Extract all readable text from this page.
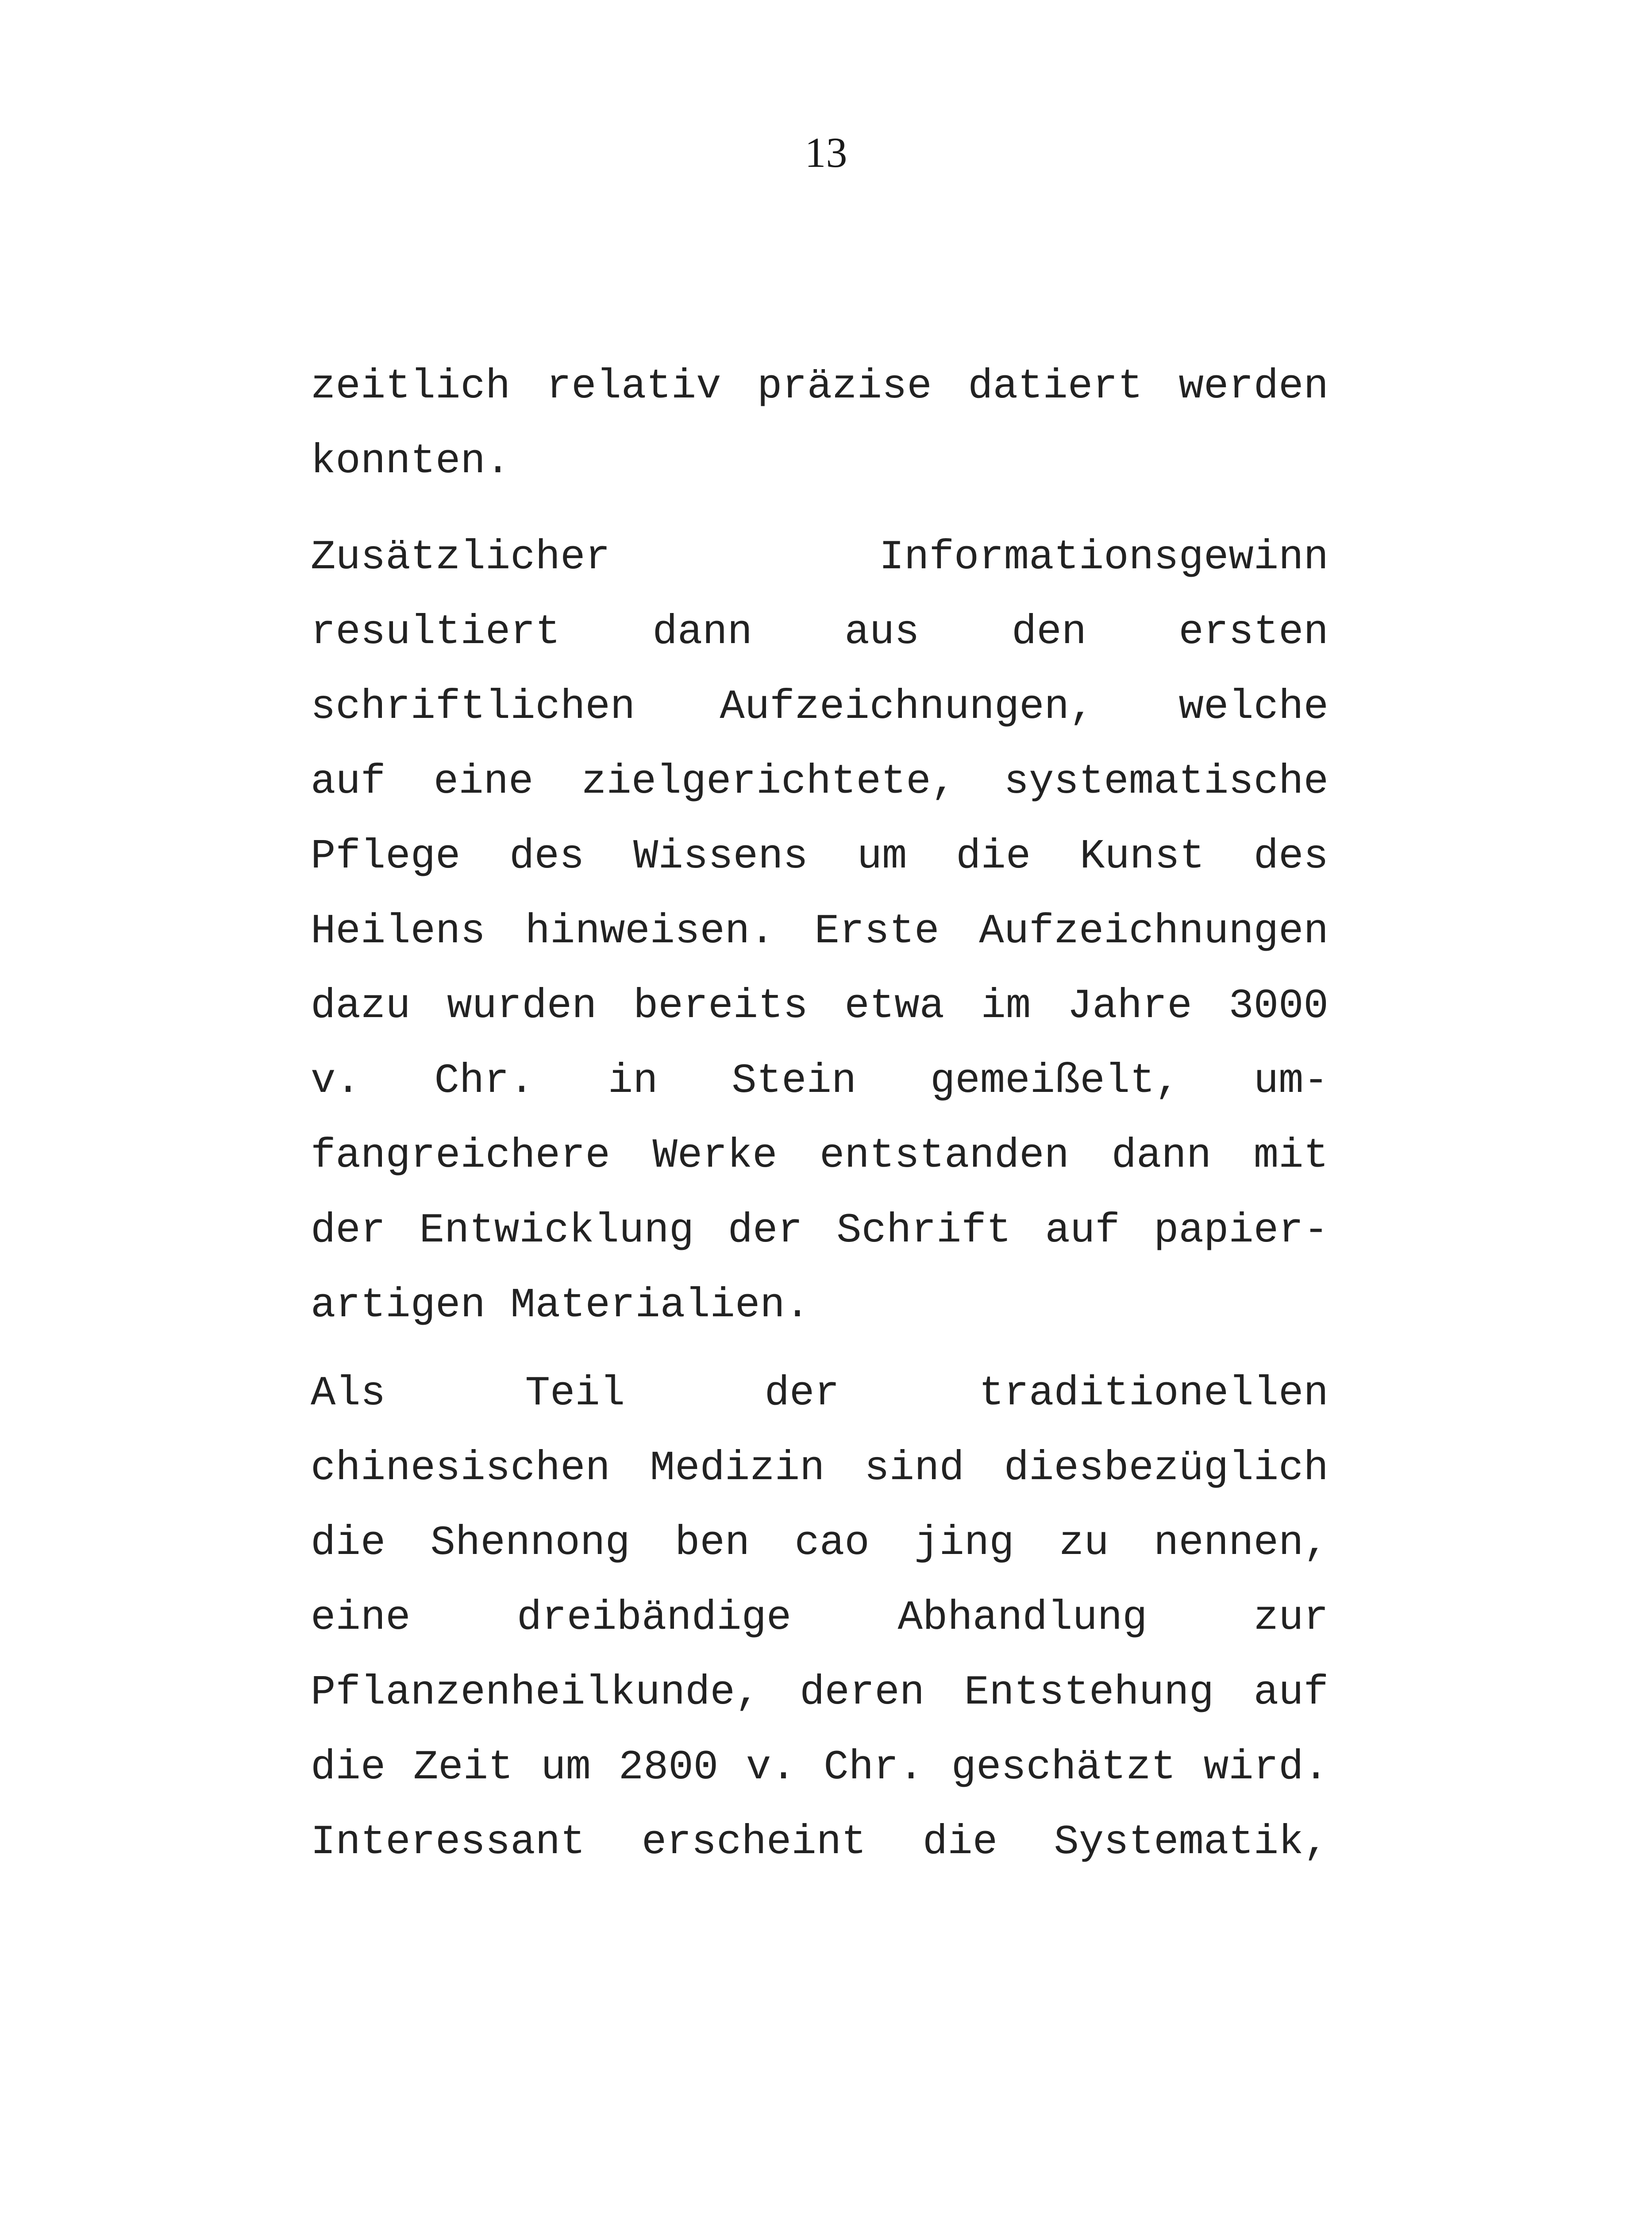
13
zeitlich relativ präzise datiert werden
konnten.
Zusätzlicher	Informationsgewinn
resultiert dann aus den ersten
schriftlichen Aufzeichnungen, welche
auf eine zielgerichtete, systematische
Pflege des Wissens um die Kunst des
Heilens hinweisen. Erste Aufzeichnungen
dazu wurden bereits etwa im Jahre 3000
v. Chr. in Stein gemeißelt, um-
fangreichere Werke entstanden dann mit
der Entwicklung der Schrift auf papier-
artigen Materialien.
Als	Teil	der	traditionellen
chinesischen Medizin sind diesbezüglich
die Shennong ben cao jing zu nennen,
eine	dreibändige	Abhandlung	zur
Pflanzenheilkunde, deren Entstehung auf
die Zeit um 2800 v. Chr. geschätzt wird.
Interessant erscheint die Systematik,
